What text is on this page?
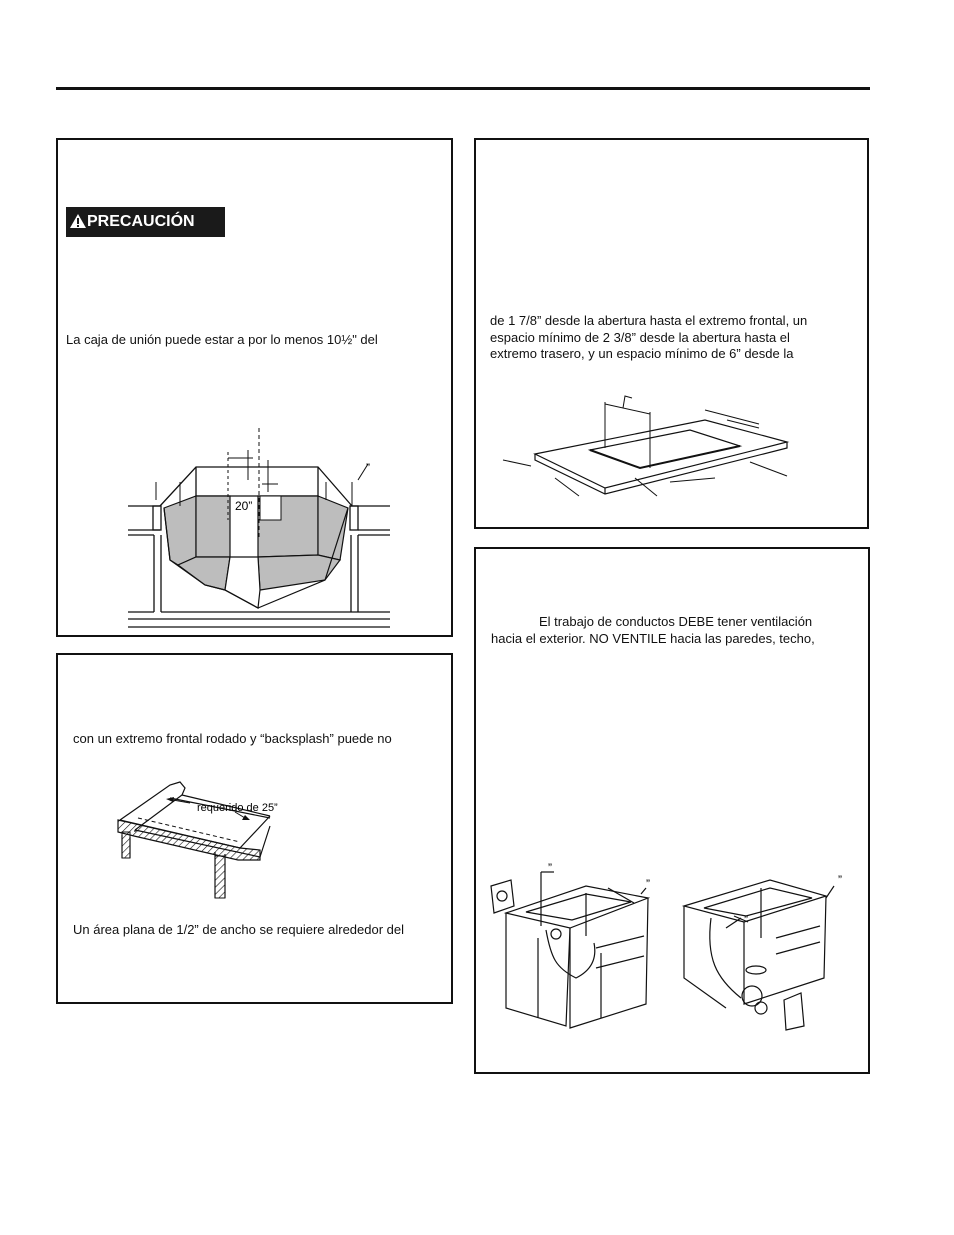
PRECAUCIÓN
La caja de unión puede estar a por lo menos 10½" del
20”
”
con un extremo frontal rodado y “backsplash” puede no
requerido de 25”
Un área plana de 1/2” de ancho se requiere alrededor del
de 1 7/8” desde la abertura hasta el extremo frontal, un
espacio mínimo de 2 3/8” desde la abertura hasta el
extremo trasero, y un espacio mínimo de 6” desde la
El trabajo de conductos DEBE tener ventilación
hacia el exterior. NO VENTILE hacia las paredes, techo,
”
”
”
”
